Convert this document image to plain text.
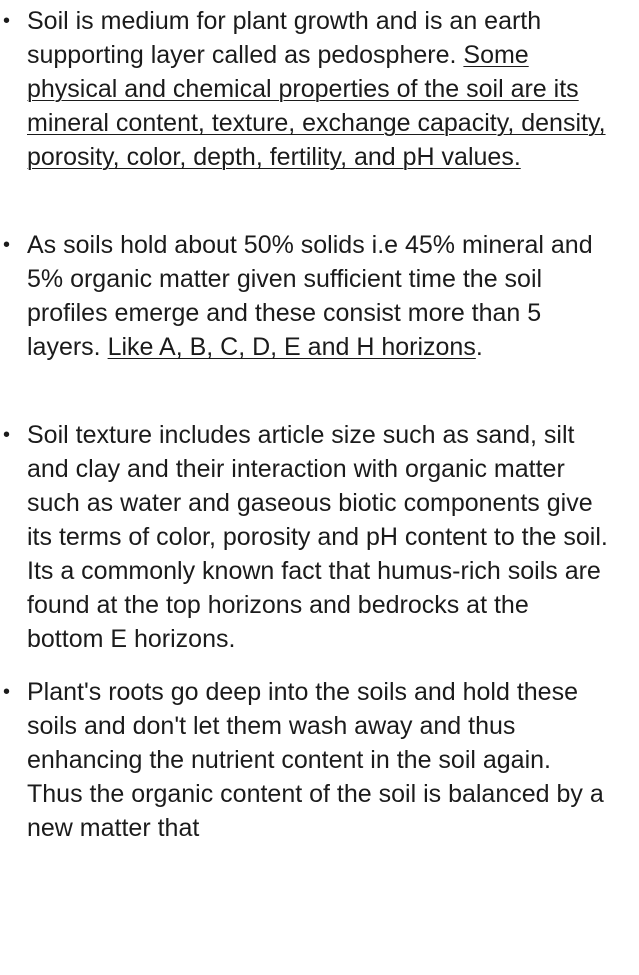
• Soil is medium for plant growth and is an earth supporting layer called as pedosphere. Some physical and chemical properties of the soil are its mineral content, texture, exchange capacity, density, porosity, color, depth, fertility, and pH values.
• As soils hold about 50% solids i.e 45% mineral and 5% organic matter given sufficient time the soil profiles emerge and these consist more than 5 layers. Like A, B, C, D, E and H horizons.
• Soil texture includes article size such as sand, silt and clay and their interaction with organic matter such as water and gaseous biotic components give its terms of color, porosity and pH content to the soil. Its a commonly known fact that humus-rich soils are found at the top horizons and bedrocks at the bottom E horizons.
• Plant's roots go deep into the soils and hold these soils and don't let them wash away and thus enhancing the nutrient content in the soil again. Thus the organic content of the soil is balanced by a new matter that
